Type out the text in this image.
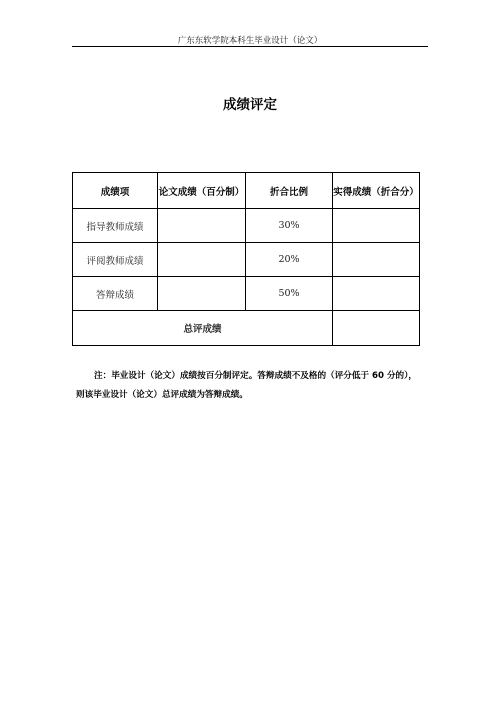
广东东软学院本科生毕业设计（论文）
成绩评定
成绩项	论文成绩（百分制）	折合比例	实得成绩（折合分）
指导教师成绩		30%	
评阅教师成绩		20%	
答辩成绩		50%	
总评成绩			
注：毕业设计（论文）成绩按百分制评定。答辩成绩不及格的（评分低于 60 分的），
则该毕业设计（论文）总评成绩为答辩成绩。
